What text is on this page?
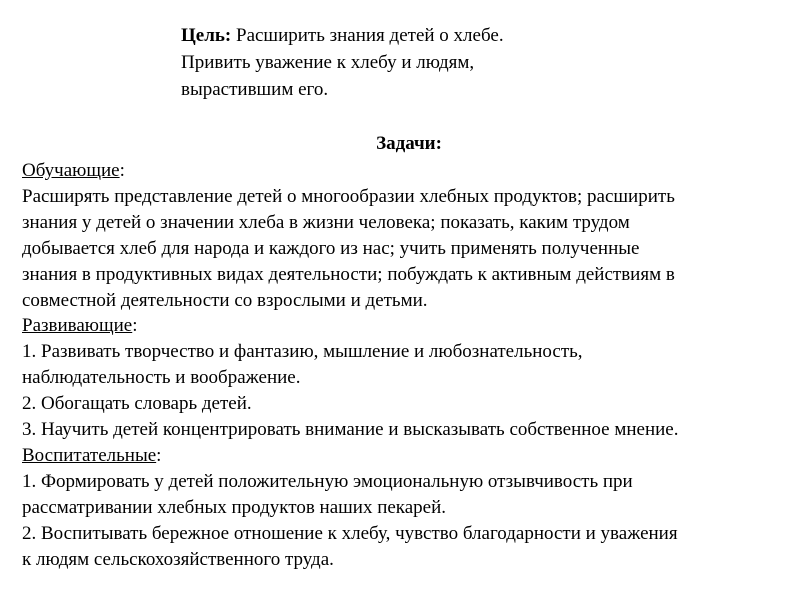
Цель: Расширить знания детей о хлебе.
Привить уважение к хлебу и людям,
вырастившим его.
Задачи:
Обучающие:
Расширять представление детей о многообразии хлебных продуктов; расширить
знания у детей о значении хлеба в жизни человека; показать, каким трудом
добывается хлеб для народа и каждого из нас; учить применять полученные
знания в продуктивных видах деятельности; побуждать к активным действиям в
совместной деятельности со взрослыми и детьми.
Развивающие:
1. Развивать творчество и фантазию, мышление и любознательность,
наблюдательность и воображение.
2. Обогащать словарь детей.
3. Научить детей концентрировать внимание и высказывать собственное мнение.
Воспитательные:
1. Формировать у детей положительную эмоциональную отзывчивость при
рассматривании хлебных продуктов наших пекарей.
2. Воспитывать бережное отношение к хлебу, чувство благодарности и уважения
к людям сельскохозяйственного труда.
